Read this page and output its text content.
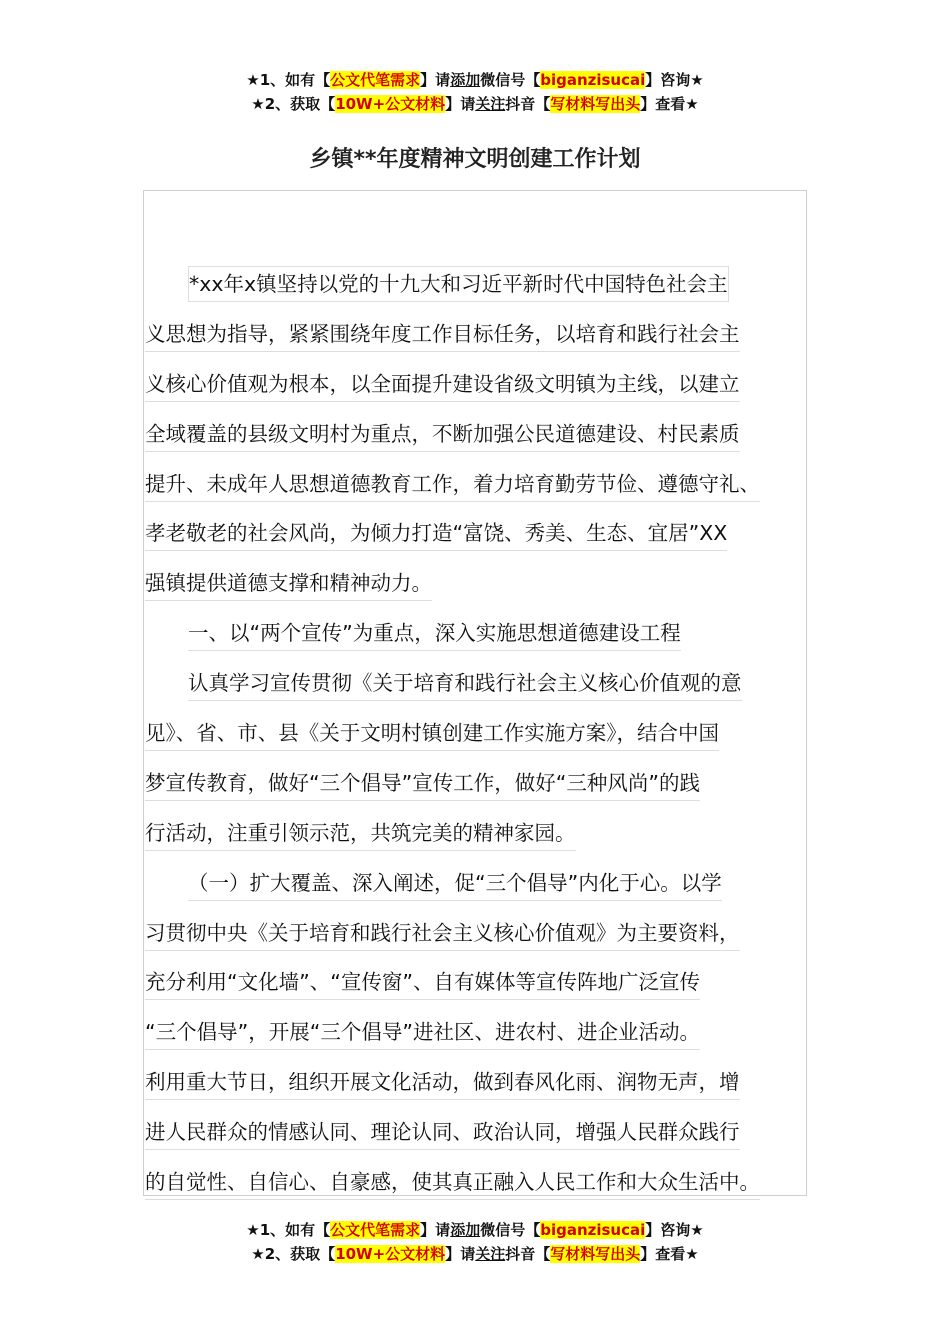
★1、如有【公文代笔需求】请添加微信号【biganzisucai】咨询★
★2、获取【10W+公文材料】请关注抖音【写材料写出头】查看★
乡镇**年度精神文明创建工作计划
*xx年x镇坚持以党的十九大和习近平新时代中国特色社会主
义思想为指导，紧紧围绕年度工作目标任务，以培育和践行社会主
义核心价值观为根本，以全面提升建设省级文明镇为主线，以建立
全域覆盖的县级文明村为重点，不断加强公民道德建设、村民素质
提升、未成年人思想道德教育工作，着力培育勤劳节俭、遵德守礼、
孝老敬老的社会风尚，为倾力打造“富饶、秀美、生态、宜居”XX
强镇提供道德支撑和精神动力。
一、以“两个宣传”为重点，深入实施思想道德建设工程
认真学习宣传贯彻《关于培育和践行社会主义核心价值观的意
见》、省、市、县《关于文明村镇创建工作实施方案》，结合中国
梦宣传教育，做好“三个倡导”宣传工作，做好“三种风尚”的践
行活动，注重引领示范，共筑完美的精神家园。
（一）扩大覆盖、深入阐述，促“三个倡导”内化于心。以学
习贯彻中央《关于培育和践行社会主义核心价值观》为主要资料，
充分利用“文化墙”、“宣传窗”、自有媒体等宣传阵地广泛宣传
“三个倡导”，开展“三个倡导”进社区、进农村、进企业活动。
利用重大节日，组织开展文化活动，做到春风化雨、润物无声，增
进人民群众的情感认同、理论认同、政治认同，增强人民群众践行
的自觉性、自信心、自豪感，使其真正融入人民工作和大众生活中。
★1、如有【公文代笔需求】请添加微信号【biganzisucai】咨询★
★2、获取【10W+公文材料】请关注抖音【写材料写出头】查看★
